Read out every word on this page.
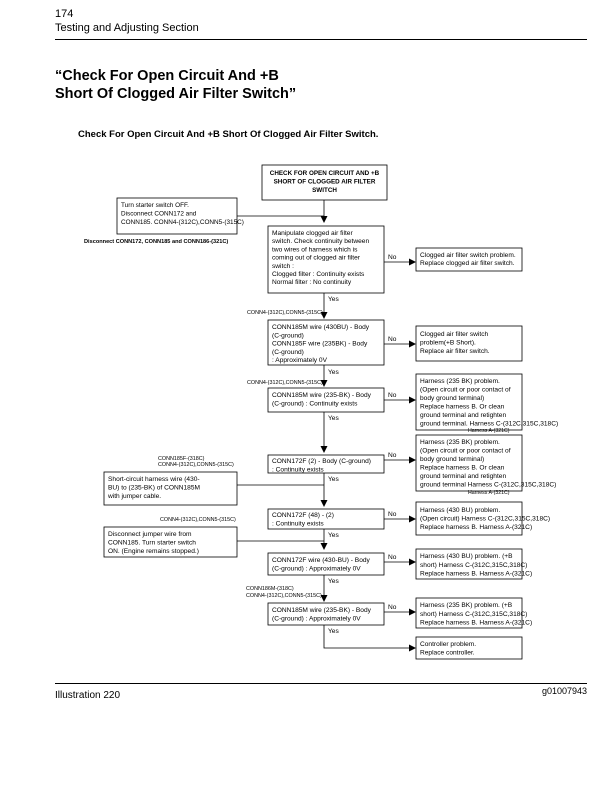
174
Testing and Adjusting Section
“Check For Open Circuit And +B
Short Of Clogged Air Filter Switch”
Check For Open Circuit And +B Short Of Clogged Air Filter Switch.
CHECK FOR OPEN CIRCUIT AND +B
SHORT OF CLOGGED AIR FILTER
SWITCH
Turn starter switch OFF.
Disconnect CONN172 and
CONN185. CONN4-(312C),CONN5-(315C)
Manipulate clogged air filter
switch. Check continuity between
two wires of harness which is
coming out of clogged air filter
switch :
Clogged filter : Continuity exists
Normal filter : No continuity
Clogged air filter switch problem.
Replace clogged air filter switch.
CONN185M wire (430BU) - Body
(C-ground)
CONN185F wire (235BK) - Body
(C-ground)
: Approximately 0V
Clogged air filter switch
problem(+B Short).
Replace air filter switch.
CONN185M wire (235-BK) - Body
(C-ground) : Continuity exists
Harness (235 BK) problem.
(Open circuit or poor contact of
body ground terminal)
Replace harness B. Or clean
ground terminal and retighten
ground terminal. Harness C-(312C,315C,318C)
Short-circuit harness wire (430-
BU) to (235-BK) of CONN185M
with jumper cable.
CONN172F (2) - Body (C-ground)
: Continuity exists
Harness (235 BK) problem.
(Open circuit or poor contact of
body ground terminal)
Replace harness B. Or clean
ground terminal and retighten
ground terminal Harness C-(312C,315C,318C)
Disconnect jumper wire from
CONN185. Turn starter switch
ON. (Engine remains stopped.)
CONN172F (48) - (2)
: Continuity exists
Harness (430 BU) problem.
(Open circuit) Harness C-(312C,315C,318C)
Replace harness B. Harness A-(321C)
CONN172F wire (430-BU) - Body
(C-ground) : Approximately 0V
Harness (430 BU) problem. (+B
short) Harness C-(312C,315C,318C)
Replace harness B. Harness A-(321C)
CONN185M wire (235-BK) - Body
(C-ground) : Approximately 0V
Harness (235 BK) problem. (+B
short) Harness C-(312C,315C,318C)
Replace harness B. Harness A-(321C)
Controller problem.
Replace controller.
Disconnect CONN172, CONN185 and CONN186-(321C)
No
Yes
CONN4-(312C),CONN5-(315C)
No
Yes
CONN4-(312C),CONN5-(315C)
No
Harness A-(321C)
Yes
CONN185F-(318C)
CONN4-(312C),CONN5-(315C)
No
Harness A-(321C)
Yes
CONN4-(312C),CONN5-(315C)
No
Yes
No
Yes
CONN186M-(318C)
CONN4-(312C),CONN5-(315C)
No
Yes
Illustration 220	g01007943
